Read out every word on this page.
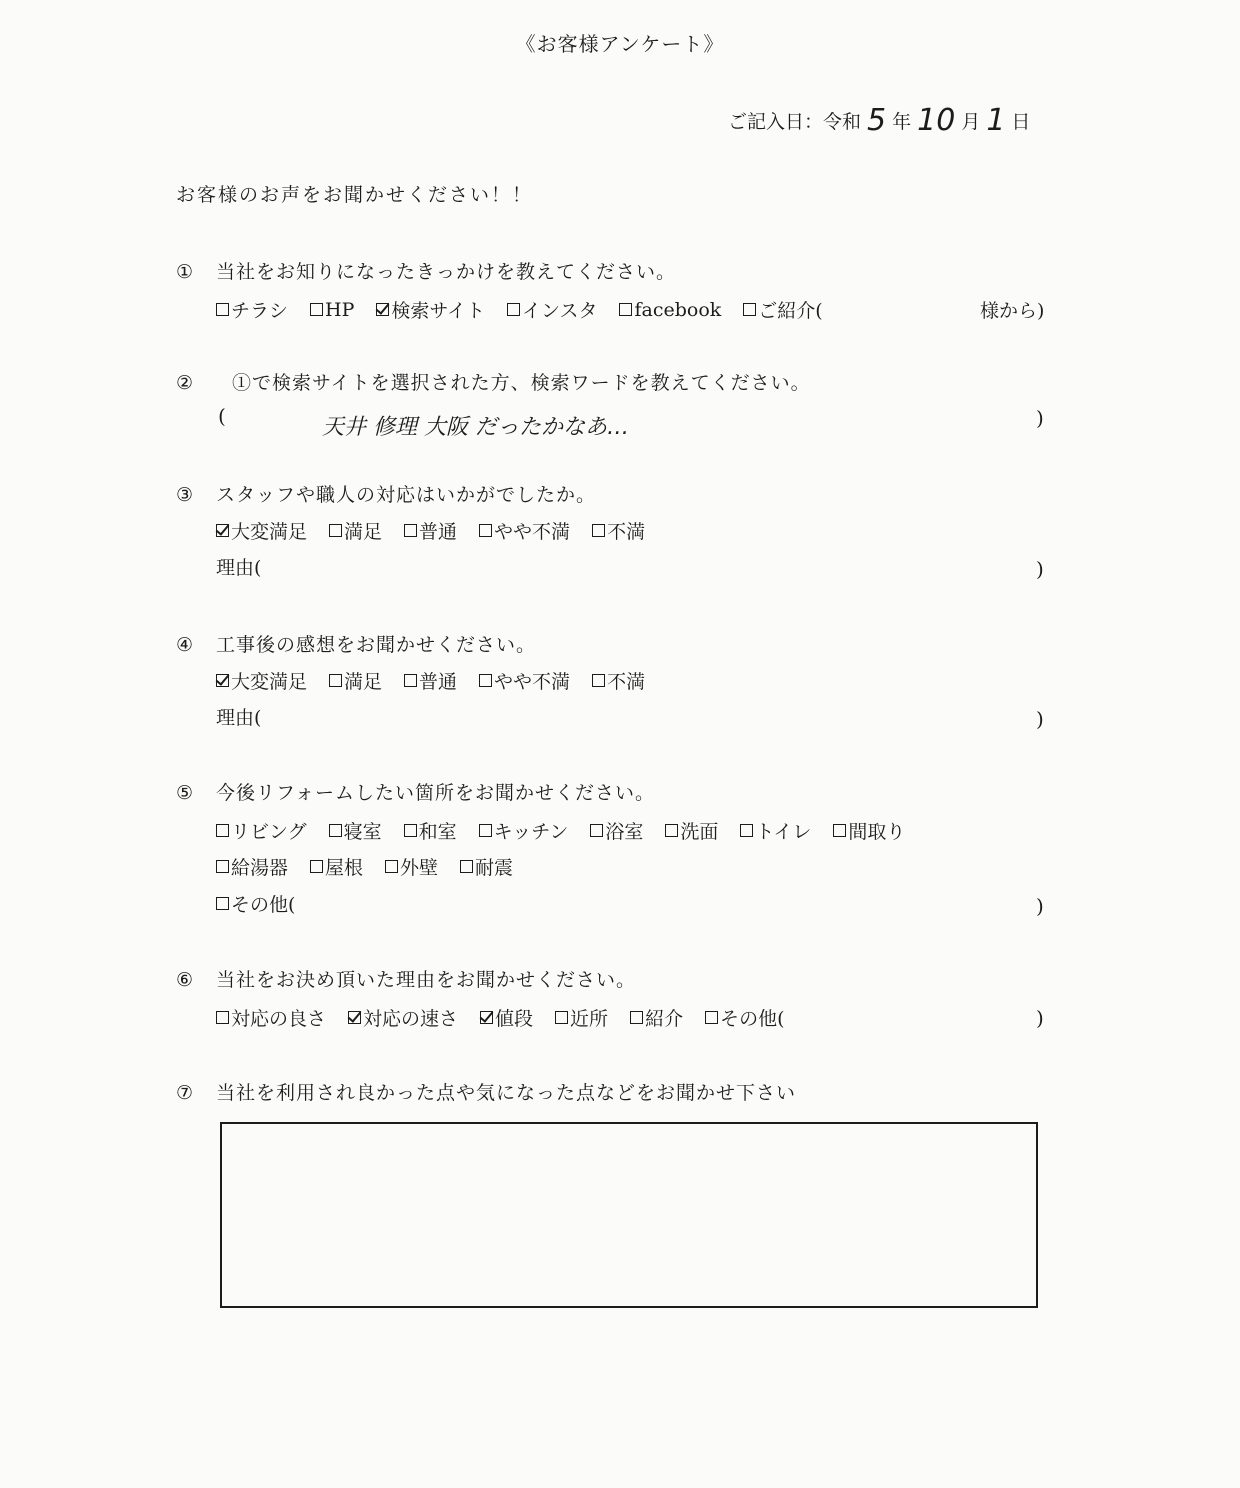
《お客様アンケート》
ご記入日：令和 5 年 10 月 1 日
お客様のお声をお聞かせください！！
① 当社をお知りになったきっかけを教えてください。
チラシ HP 検索サイト インスタ facebook ご紹介(	様から)
② ①で検索サイトを選択された方、検索ワードを教えてください。
(	天井 修理 大阪 だったかなあ…	)
③ スタッフや職人の対応はいかがでしたか。
大変満足 満足 普通 やや不満 不満
理由(	)
④ 工事後の感想をお聞かせください。
大変満足 満足 普通 やや不満 不満
理由(	)
⑤ 今後リフォームしたい箇所をお聞かせください。
リビング 寝室 和室 キッチン 浴室 洗面 トイレ 間取り
給湯器 屋根 外壁 耐震
その他(	)
⑥ 当社をお決め頂いた理由をお聞かせください。
対応の良さ 対応の速さ 値段 近所 紹介 その他(	)
⑦ 当社を利用され良かった点や気になった点などをお聞かせ下さい
